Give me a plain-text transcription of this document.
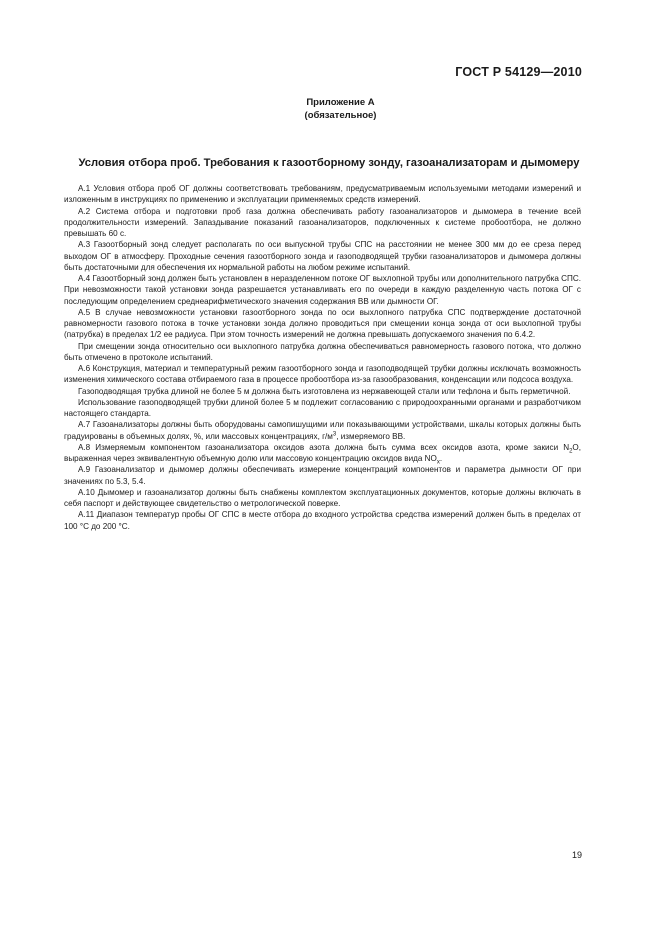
ГОСТ Р 54129—2010
Приложение А
(обязательное)
Условия отбора проб. Требования к газоотборному зонду, газоанализаторам и дымомеру

А.1 Условия отбора проб ОГ должны соответствовать требованиям, предусматриваемым используемыми методами измерений и изложенным в инструкциях по применению и эксплуатации применяемых средств измерений.

А.2 Система отбора и подготовки проб газа должна обеспечивать работу газоанализаторов и дымомера в течение всей продолжительности измерений. Запаздывание показаний газоанализаторов, подключенных к системе пробоотбора, не должно превышать 60 с.

А.3 Газоотборный зонд следует располагать по оси выпускной трубы СПС на расстоянии не менее 300 мм до ее среза перед выходом ОГ в атмосферу. Проходные сечения газоотборного зонда и газоподводящей трубки газоанализаторов и дымомера должны быть достаточными для обеспечения их нормальной работы на любом режиме испытаний.

А.4 Газоотборный зонд должен быть установлен в неразделенном потоке ОГ выхлопной трубы или дополнительного патрубка СПС. При невозможности такой установки зонда разрешается устанавливать его по очереди в каждую разделенную часть потока ОГ с последующим определением среднеарифметического значения содержания ВВ или дымности ОГ.

А.5 В случае невозможности установки газоотборного зонда по оси выхлопного патрубка СПС подтверждение достаточной равномерности газового потока в точке установки зонда должно проводиться при смещении конца зонда от оси выхлопной трубы (патрубка) в пределах 1/2 ее радиуса. При этом точность измерений не должна превышать допускаемого значения по 6.4.2.

При смещении зонда относительно оси выхлопного патрубка должна обеспечиваться равномерность газового потока, что должно быть отмечено в протоколе испытаний.

А.6 Конструкция, материал и температурный режим газоотборного зонда и газоподводящей трубки должны исключать возможность изменения химического состава отбираемого газа в процессе пробоотбора из-за газообразования, конденсации или подсоса воздуха.

Газоподводящая трубка длиной не более 5 м должна быть изготовлена из нержавеющей стали или тефлона и быть герметичной.

Использование газоподводящей трубки длиной более 5 м подлежит согласованию с природоохранными органами и разработчиком настоящего стандарта.

А.7 Газоанализаторы должны быть оборудованы самопишущими или показывающими устройствами, шкалы которых должны быть градуированы в объемных долях, %, или массовых концентрациях, $г/м^3$, измеряемого ВВ.

А.8 Измеряемым компонентом газоанализатора оксидов азота должна быть сумма всех оксидов азота, кроме закиси $N_2O$, выраженная через эквивалентную объемную долю или массовую концентрацию оксидов вида $NO_x$.

А.9 Газоанализатор и дымомер должны обеспечивать измерение концентраций компонентов и параметра дымности ОГ при значениях по 5.3, 5.4.

А.10 Дымомер и газоанализатор должны быть снабжены комплектом эксплуатационных документов, которые должны включать в себя паспорт и действующее свидетельство о метрологической поверке.

А.11 Диапазон температур пробы ОГ СПС в месте отбора до входного устройства средства измерений должен быть в пределах от 100 °С до 200 °С.

19
